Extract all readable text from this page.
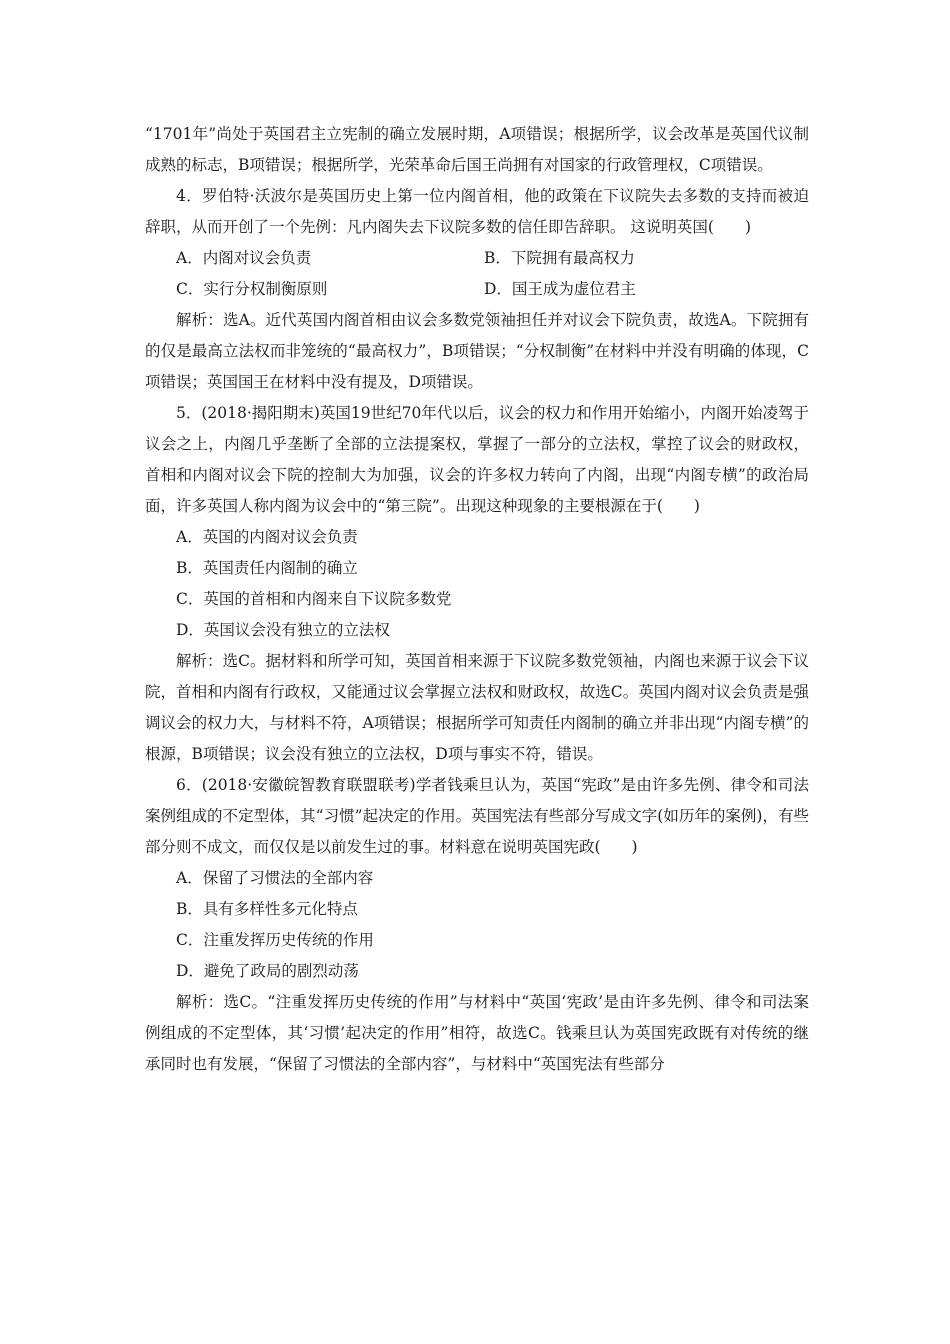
“1701年”尚处于英国君主立宪制的确立发展时期，A项错误；根据所学，议会改革是英国代议制成熟的标志，B项错误；根据所学，光荣革命后国王尚拥有对国家的行政管理权，C项错误。

4．罗伯特·沃波尔是英国历史上第一位内阁首相，他的政策在下议院失去多数的支持而被迫辞职，从而开创了一个先例：凡内阁失去下议院多数的信任即告辞职。 这说明英国(　　)

A．内阁对议会负责	B．下院拥有最高权力
C．实行分权制衡原则	D．国王成为虚位君主

解析：选A。近代英国内阁首相由议会多数党领袖担任并对议会下院负责，故选A。下院拥有的仅是最高立法权而非笼统的“最高权力”，B项错误；“分权制衡”在材料中并没有明确的体现，C项错误；英国国王在材料中没有提及，D项错误。

5．(2018·揭阳期末)英国19世纪70年代以后，议会的权力和作用开始缩小，内阁开始凌驾于议会之上，内阁几乎垄断了全部的立法提案权，掌握了一部分的立法权，掌控了议会的财政权，首相和内阁对议会下院的控制大为加强，议会的许多权力转向了内阁，出现“内阁专横”的政治局面，许多英国人称内阁为议会中的“第三院”。出现这种现象的主要根源在于(　　)

A．英国的内阁对议会负责

B．英国责任内阁制的确立

C．英国的首相和内阁来自下议院多数党

D．英国议会没有独立的立法权

解析：选C。据材料和所学可知，英国首相来源于下议院多数党领袖，内阁也来源于议会下议院，首相和内阁有行政权，又能通过议会掌握立法权和财政权，故选C。英国内阁对议会负责是强调议会的权力大，与材料不符，A项错误；根据所学可知责任内阁制的确立并非出现“内阁专横”的根源，B项错误；议会没有独立的立法权，D项与事实不符，错误。

6．(2018·安徽皖智教育联盟联考)学者钱乘旦认为，英国“宪政”是由许多先例、律令和司法案例组成的不定型体，其“习惯”起决定的作用。英国宪法有些部分写成文字(如历年的案例)，有些部分则不成文，而仅仅是以前发生过的事。材料意在说明英国宪政(　　)

A．保留了习惯法的全部内容

B．具有多样性多元化特点

C．注重发挥历史传统的作用

D．避免了政局的剧烈动荡

解析：选C。“注重发挥历史传统的作用”与材料中“英国‘宪政’是由许多先例、律令和司法案例组成的不定型体，其‘习惯’起决定的作用”相符，故选C。钱乘旦认为英国宪政既有对传统的继承同时也有发展，“保留了习惯法的全部内容”，与材料中“英国宪法有些部分
